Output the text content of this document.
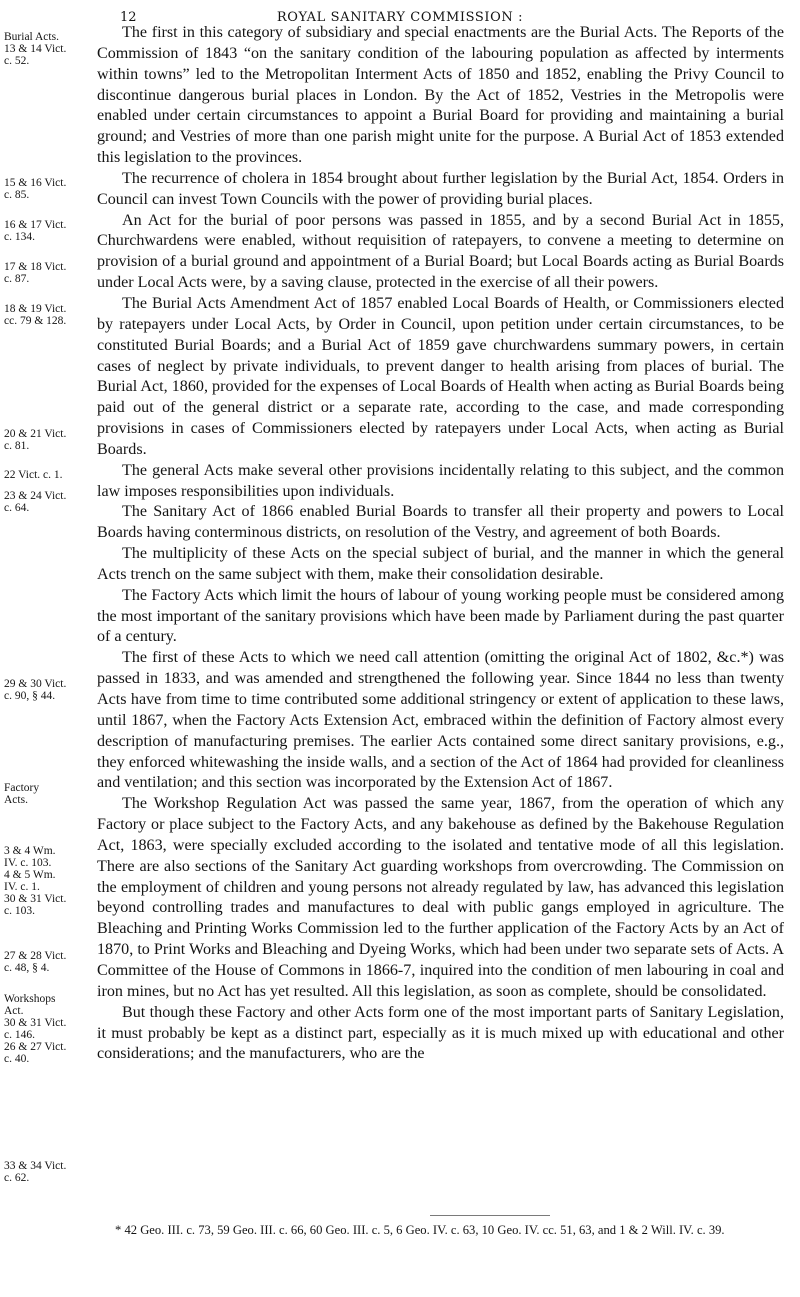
12	ROYAL SANITARY COMMISSION :
Burial Acts.
13 & 14 Vict.
c. 52.
15 & 16 Vict.
c. 85.
16 & 17 Vict.
c. 134.
17 & 18 Vict.
c. 87.
18 & 19 Vict.
cc. 79 & 128.
20 & 21 Vict.
c. 81.
22 Vict. c. 1.
23 & 24 Vict.
c. 64.
29 & 30 Vict.
c. 90, § 44.
Factory
Acts.
3 & 4 Wm.
IV. c. 103.
4 & 5 Wm.
IV. c. 1.
30 & 31 Vict.
c. 103.
27 & 28 Vict.
c. 48, § 4.
Workshops
Act.
30 & 31 Vict.
c. 146.
26 & 27 Vict.
c. 40.
33 & 34 Vict.
c. 62.

The first in this category of subsidiary and special enactments are the Burial Acts. The Reports of the Commission of 1843 “on the sanitary condition of the labouring population as affected by interments within towns” led to the Metropolitan Interment Acts of 1850 and 1852, enabling the Privy Council to discontinue dangerous burial places in London. By the Act of 1852, Vestries in the Metropolis were enabled under certain circumstances to appoint a Burial Board for providing and maintaining a burial ground; and Vestries of more than one parish might unite for the purpose. A Burial Act of 1853 extended this legislation to the provinces.

The recurrence of cholera in 1854 brought about further legislation by the Burial Act, 1854. Orders in Council can invest Town Councils with the power of providing burial places.

An Act for the burial of poor persons was passed in 1855, and by a second Burial Act in 1855, Churchwardens were enabled, without requisition of ratepayers, to convene a meeting to determine on provision of a burial ground and appointment of a Burial Board; but Local Boards acting as Burial Boards under Local Acts were, by a saving clause, protected in the exercise of all their powers.

The Burial Acts Amendment Act of 1857 enabled Local Boards of Health, or Commissioners elected by ratepayers under Local Acts, by Order in Council, upon petition under certain circumstances, to be constituted Burial Boards; and a Burial Act of 1859 gave churchwardens summary powers, in certain cases of neglect by private individuals, to prevent danger to health arising from places of burial. The Burial Act, 1860, provided for the expenses of Local Boards of Health when acting as Burial Boards being paid out of the general district or a separate rate, according to the case, and made corresponding provisions in cases of Commissioners elected by ratepayers under Local Acts, when acting as Burial Boards.

The general Acts make several other provisions incidentally relating to this subject, and the common law imposes responsibilities upon individuals.

The Sanitary Act of 1866 enabled Burial Boards to transfer all their property and powers to Local Boards having conterminous districts, on resolution of the Vestry, and agreement of both Boards.

The multiplicity of these Acts on the special subject of burial, and the manner in which the general Acts trench on the same subject with them, make their consolidation desirable.

The Factory Acts which limit the hours of labour of young working people must be considered among the most important of the sanitary provisions which have been made by Parliament during the past quarter of a century.

The first of these Acts to which we need call attention (omitting the original Act of 1802, &c.*) was passed in 1833, and was amended and strengthened the following year. Since 1844 no less than twenty Acts have from time to time contributed some additional stringency or extent of application to these laws, until 1867, when the Factory Acts Extension Act, embraced within the definition of Factory almost every description of manufacturing premises. The earlier Acts contained some direct sanitary provisions, e.g., they enforced whitewashing the inside walls, and a section of the Act of 1864 had provided for cleanliness and ventilation; and this section was incorporated by the Extension Act of 1867.

The Workshop Regulation Act was passed the same year, 1867, from the operation of which any Factory or place subject to the Factory Acts, and any bakehouse as defined by the Bakehouse Regulation Act, 1863, were specially excluded according to the isolated and tentative mode of all this legislation. There are also sections of the Sanitary Act guarding workshops from overcrowding. The Commission on the employment of children and young persons not already regulated by law, has advanced this legislation beyond controlling trades and manufactures to deal with public gangs employed in agriculture. The Bleaching and Printing Works Commission led to the further application of the Factory Acts by an Act of 1870, to Print Works and Bleaching and Dyeing Works, which had been under two separate sets of Acts. A Committee of the House of Commons in 1866-7, inquired into the condition of men labouring in coal and iron mines, but no Act has yet resulted. All this legislation, as soon as complete, should be consolidated.

But though these Factory and other Acts form one of the most important parts of Sanitary Legislation, it must probably be kept as a distinct part, especially as it is much mixed up with educational and other considerations; and the manufacturers, who are the

* 42 Geo. III. c. 73, 59 Geo. III. c. 66, 60 Geo. III. c. 5, 6 Geo. IV. c. 63, 10 Geo. IV. cc. 51, 63, and 1 & 2 Will. IV. c. 39.
